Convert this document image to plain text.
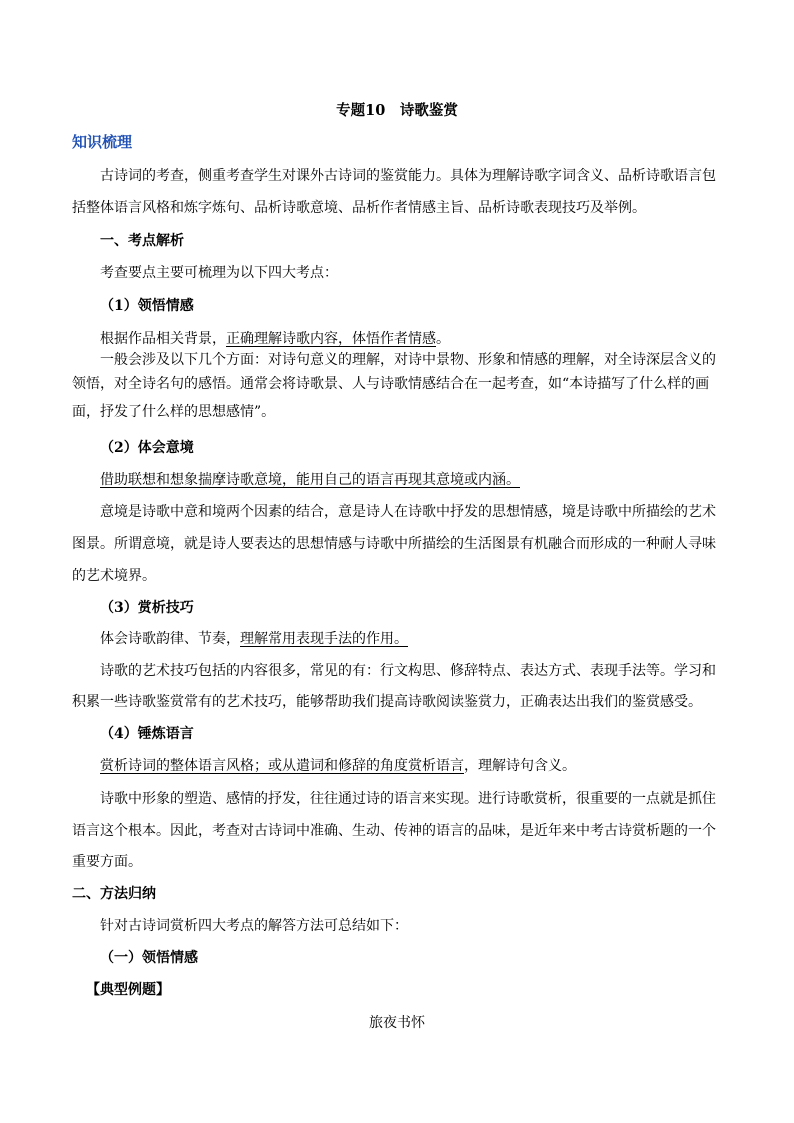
专题10　诗歌鉴赏
知识梳理
古诗词的考查，侧重考查学生对课外古诗词的鉴赏能力。具体为理解诗歌字词含义、品析诗歌语言包
括整体语言风格和炼字炼句、品析诗歌意境、品析作者情感主旨、品析诗歌表现技巧及举例。
一、考点解析
考查要点主要可梳理为以下四大考点：
（1）领悟情感
根据作品相关背景，正确理解诗歌内容，体悟作者情感。
一般会涉及以下几个方面：对诗句意义的理解，对诗中景物、形象和情感的理解，对全诗深层含义的
领悟，对全诗名句的感悟。通常会将诗歌景、人与诗歌情感结合在一起考查，如“本诗描写了什么样的画
面，抒发了什么样的思想感情”。
（2）体会意境
借助联想和想象揣摩诗歌意境，能用自己的语言再现其意境或内涵。
意境是诗歌中意和境两个因素的结合，意是诗人在诗歌中抒发的思想情感，境是诗歌中所描绘的艺术
图景。所谓意境，就是诗人要表达的思想情感与诗歌中所描绘的生活图景有机融合而形成的一种耐人寻味
的艺术境界。
（3）赏析技巧
体会诗歌韵律、节奏，理解常用表现手法的作用。
诗歌的艺术技巧包括的内容很多，常见的有：行文构思、修辞特点、表达方式、表现手法等。学习和
积累一些诗歌鉴赏常有的艺术技巧，能够帮助我们提高诗歌阅读鉴赏力，正确表达出我们的鉴赏感受。
（4）锤炼语言
赏析诗词的整体语言风格；或从遣词和修辞的角度赏析语言，理解诗句含义。
诗歌中形象的塑造、感情的抒发，往往通过诗的语言来实现。进行诗歌赏析，很重要的一点就是抓住
语言这个根本。因此，考查对古诗词中准确、生动、传神的语言的品味，是近年来中考古诗赏析题的一个
重要方面。
二、方法归纳
针对古诗词赏析四大考点的解答方法可总结如下：
（一）领悟情感
【典型例题】
旅夜书怀
